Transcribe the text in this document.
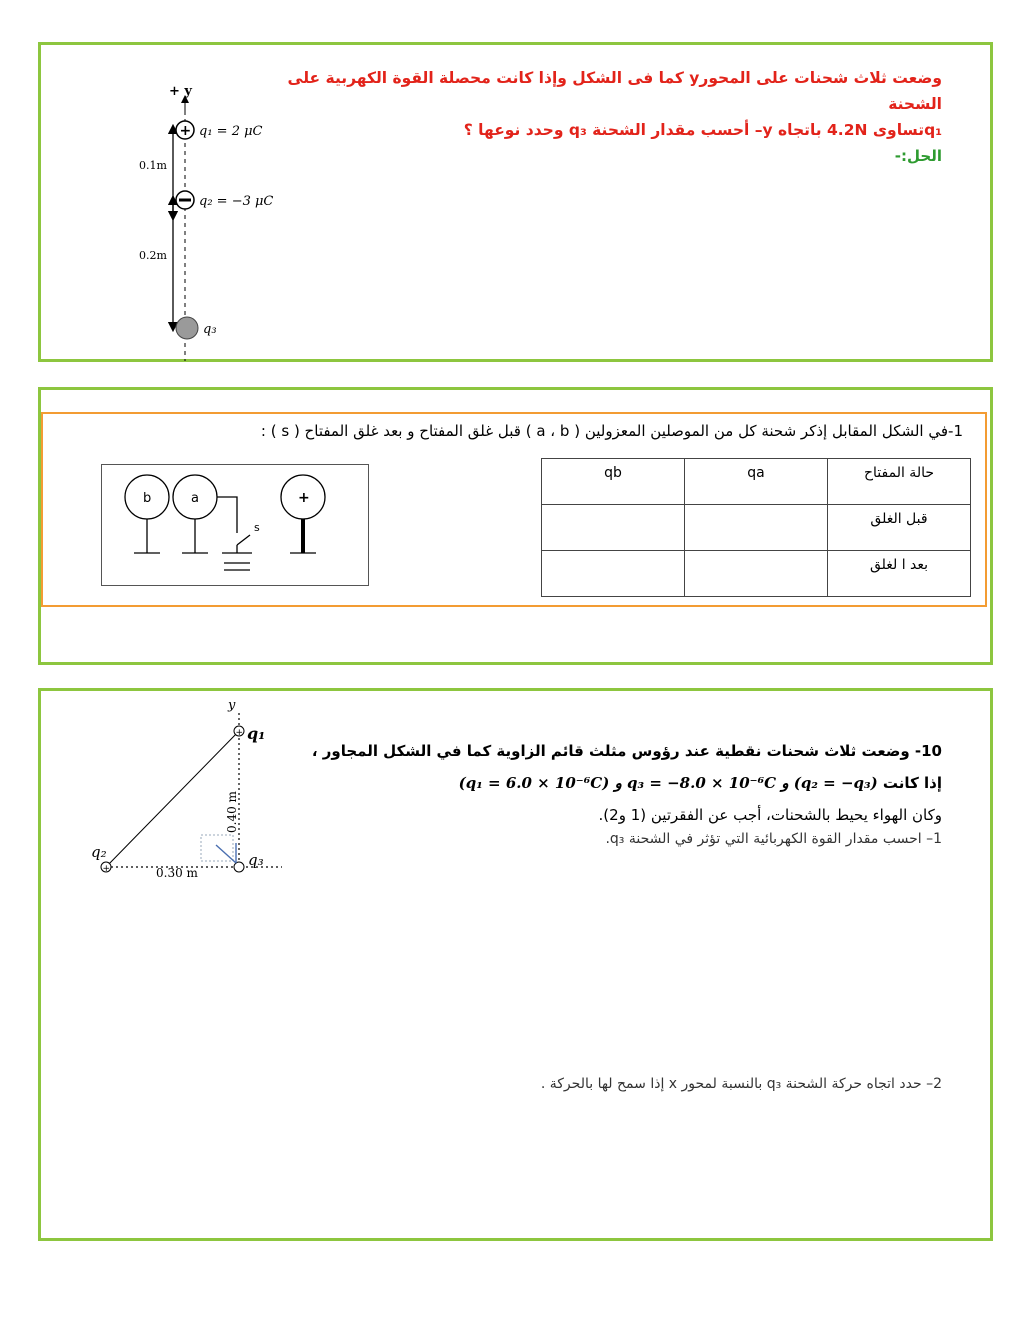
وضعت ثلاث شحنات على المحورy كما فى الشكل وإذا كانت محصلة القوة الكهربية على الشحنة
q₁تساوى 4.2N باتجاه y– أحسب مقدار الشحنة q₃ وحدد نوعها ؟
الحل:-
+ y
0.1m
0.2m
+ q₁ = 2 μC
q₂ = −3 μC
q₃
1-في الشكل المقابل إذكر شحنة كل من الموصلين المعزولين ( a ، b ) قبل غلق المفتاح و بعد غلق المفتاح ( s ) :
b	a
s
+
حالة المفتاح	qa	qb
قبل الغلق		
بعد ا لغلق		
y
+ q₁
+
q₂	q₃
0.40 m
0.30 m
10- وضعت ثلاث شحنات نقطية عند رؤوس مثلث قائم الزاوية كما في الشكل المجاور ،
إذا كانت (q₁ = 6.0 × 10⁻⁶C) و q₃ = −8.0 × 10⁻⁶C و (q₂ = −q₃)
وكان الهواء يحيط بالشحنات، أجب عن الفقرتين (1 و2).
1– احسب مقدار القوة الكهربائية التي تؤثر في الشحنة q₃.
2– حدد اتجاه حركة الشحنة q₃ بالنسبة لمحور x إذا سمح لها بالحركة .
